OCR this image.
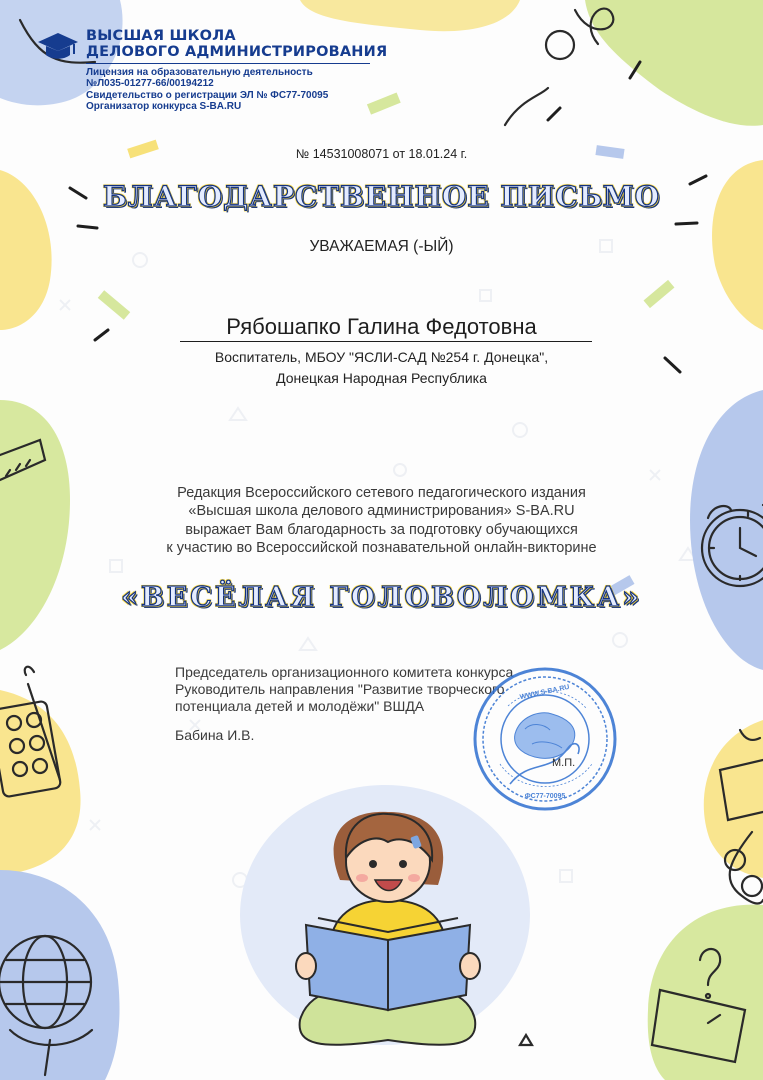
ВЫСШАЯ ШКОЛА
ДЕЛОВОГО АДМИНИСТРИРОВАНИЯ
Лицензия на образовательную деятельность
№Л035-01277-66/00194212
Свидетельство о регистрации ЭЛ № ФС77-70095
Организатор конкурса S-BA.RU
№ 14531008071 от 18.01.24 г.
БЛАГОДАРСТВЕННОЕ ПИСЬМО
УВАЖАЕМАЯ (-ЫЙ)
Рябошапко Галина Федотовна
Воспитатель, МБОУ "ЯСЛИ-САД №254 г. Донецка",
Донецкая Народная Республика
Редакция Всероссийского сетевого педагогического издания
«Высшая школа делового администрирования» S-BA.RU
выражает Вам благодарность за подготовку обучающихся
к участию во Всероссийской познавательной онлайн-викторине
«ВЕСЁЛАЯ ГОЛОВОЛОМКА»
Председатель организационного комитета конкурса
Руководитель направления "Развитие творческого
потенциала детей и молодёжи" ВШДА
Бабина И.В.
WWW.S-BA.RU
ФС77-70095
М.П.
